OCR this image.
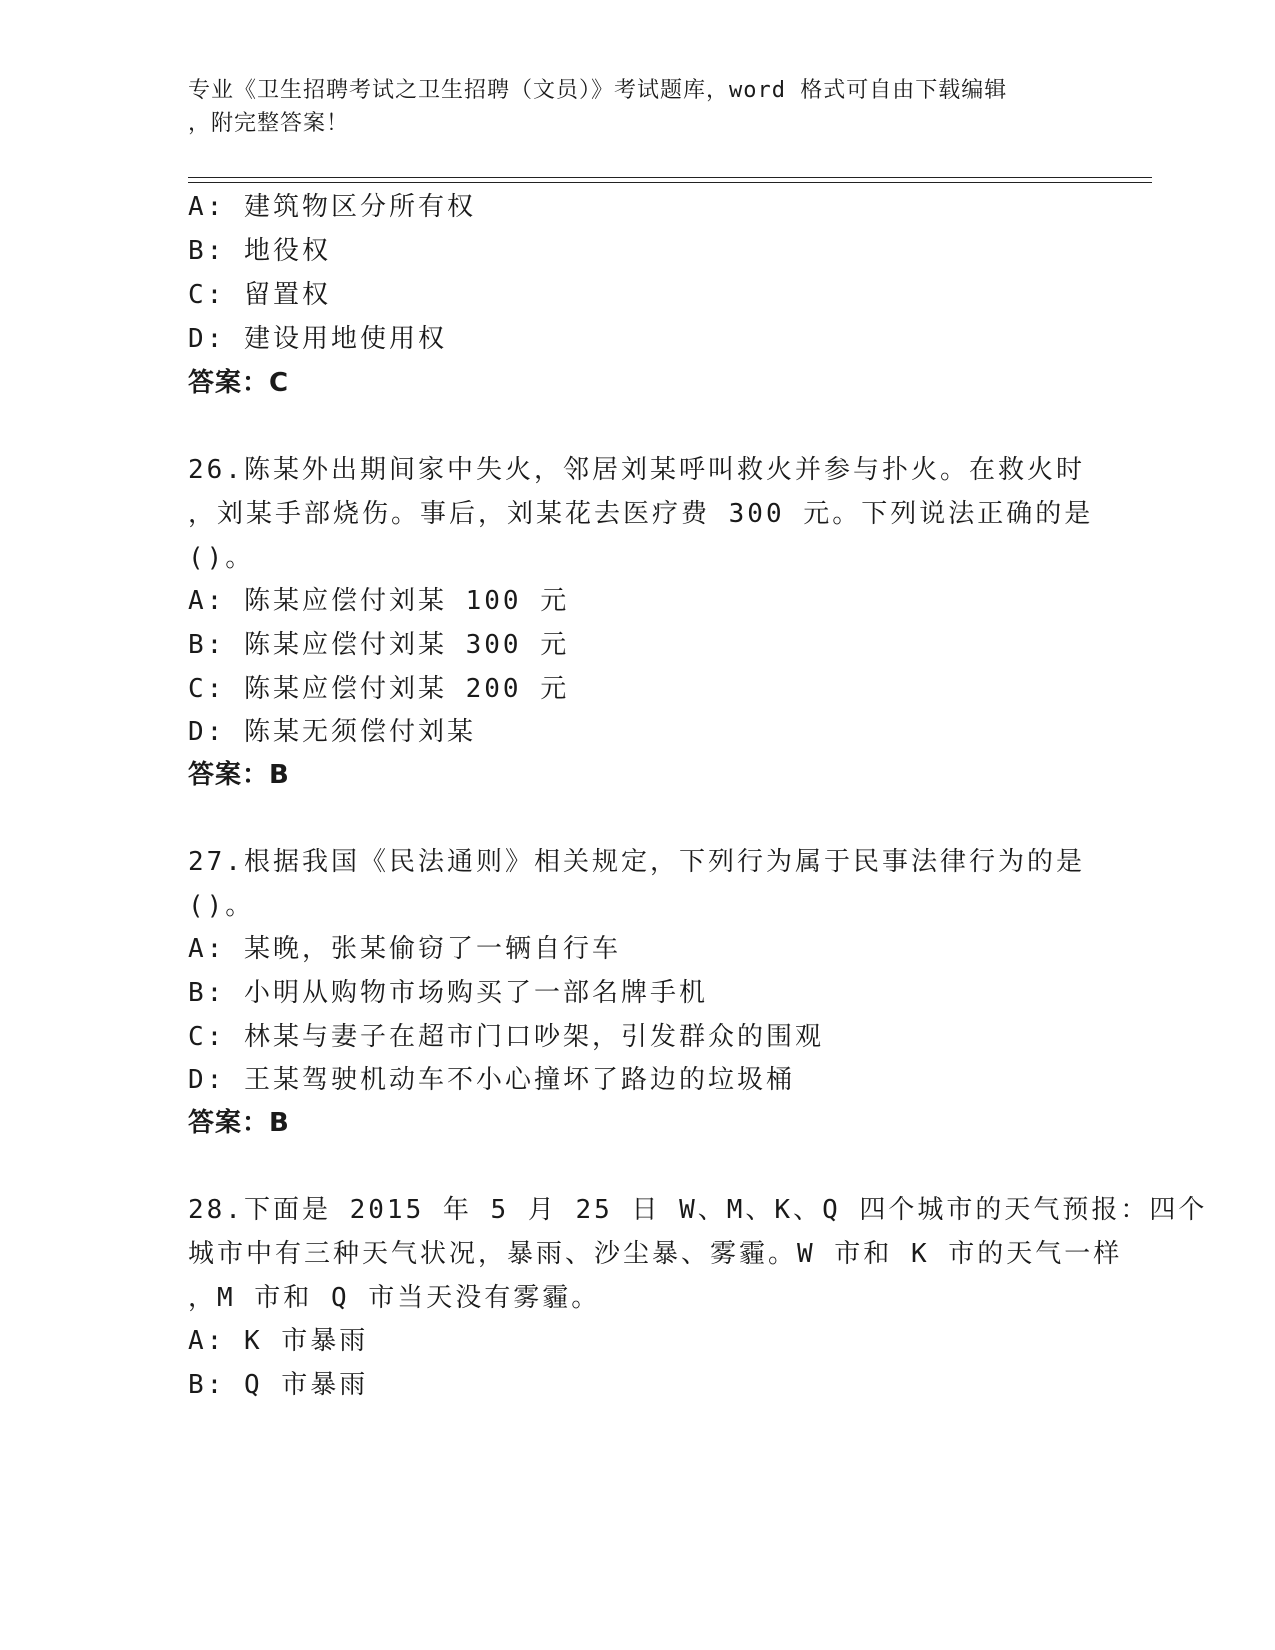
专业《卫生招聘考试之卫生招聘（文员）》考试题库，word 格式可自由下载编辑
，附完整答案！
A: 建筑物区分所有权
B: 地役权
C: 留置权
D: 建设用地使用权
答案：C
26.陈某外出期间家中失火，邻居刘某呼叫救火并参与扑火。在救火时
，刘某手部烧伤。事后，刘某花去医疗费 300 元。下列说法正确的是
()。
A: 陈某应偿付刘某 100 元
B: 陈某应偿付刘某 300 元
C: 陈某应偿付刘某 200 元
D: 陈某无须偿付刘某
答案：B
27.根据我国《民法通则》相关规定，下列行为属于民事法律行为的是
()。
A: 某晚，张某偷窃了一辆自行车
B: 小明从购物市场购买了一部名牌手机
C: 林某与妻子在超市门口吵架，引发群众的围观
D: 王某驾驶机动车不小心撞坏了路边的垃圾桶
答案：B
28.下面是 2015 年 5 月 25 日 W、M、K、Q 四个城市的天气预报：四个
城市中有三种天气状况，暴雨、沙尘暴、雾霾。W 市和 K 市的天气一样
，M 市和 Q 市当天没有雾霾。
A: K 市暴雨
B: Q 市暴雨
